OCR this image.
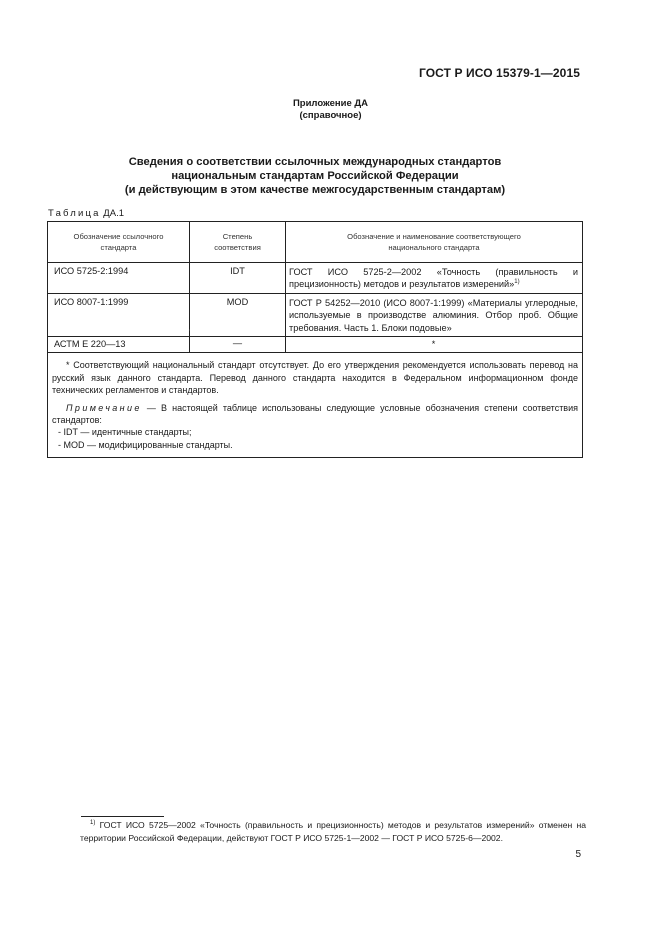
ГОСТ Р ИСО 15379-1—2015
Приложение ДА
(справочное)
Сведения о соответствии ссылочных международных стандартов
национальным стандартам Российской Федерации
(и действующим в этом качестве межгосударственным стандартам)
Таблица ДА.1
Обозначение ссылочного стандарта	Степень соответствия	Обозначение и наименование соответствующего национального стандарта
ИСО 5725-2:1994	IDT	ГОСТ ИСО 5725-2—2002 «Точность (правильность и прецизионность) методов и результатов измерений»$^{1)}$
ИСО 8007-1:1999	MOD	ГОСТ Р 54252—2010 (ИСО 8007-1:1999) «Материалы углеродные, используемые в производстве алюминия. Отбор проб. Общие требования. Часть 1. Блоки подовые»
АСТМ Е 220—13	—	*

* Соответствующий национальный стандарт отсутствует. До его утверждения рекомендуется использовать перевод на русский язык данного стандарта. Перевод данного стандарта находится в Федеральном информационном фонде технических регламентов и стандартов.

Примечание — В настоящей таблице использованы следующие условные обозначения степени соответствия стандартов:

- IDT — идентичные стандарты;

- MOD — модифицированные стандарты.		

$^{1)}$ ГОСТ ИСО 5725—2002 «Точность (правильность и прецизионность) методов и результатов измерений» отменен на территории Российской Федерации, действуют ГОСТ Р ИСО 5725-1—2002 — ГОСТ Р ИСО 5725-6—2002.
5
